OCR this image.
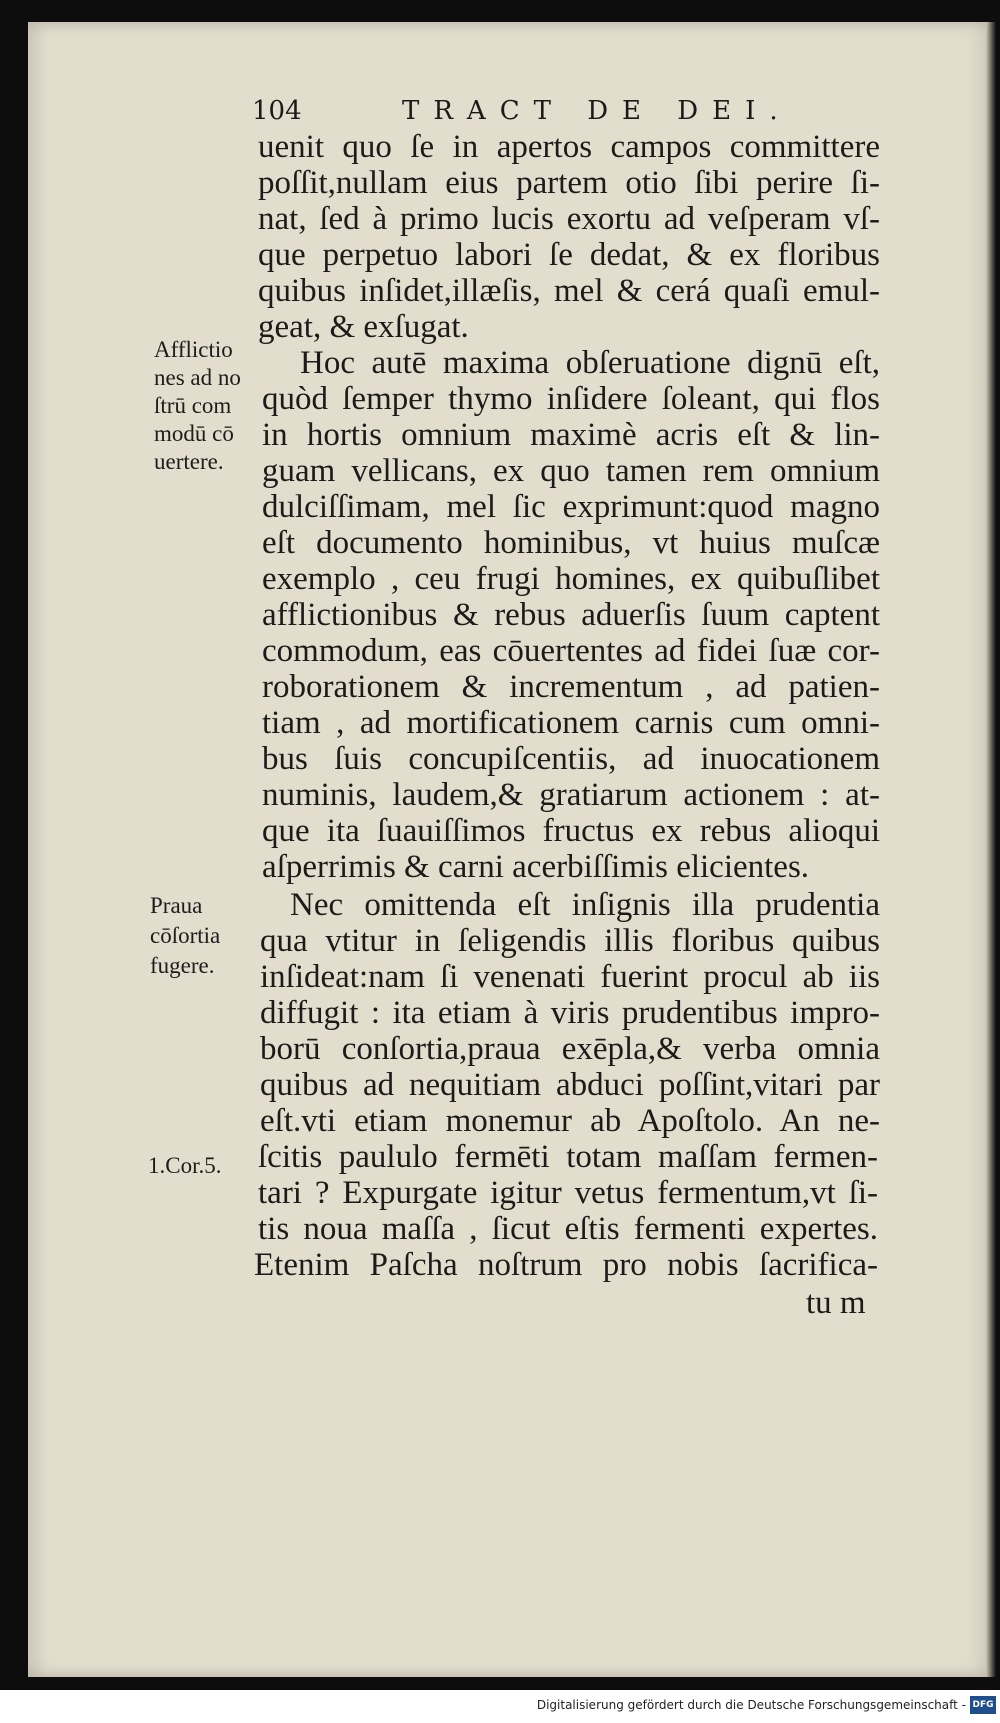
104	TRACT DE DEI.
uenit quo ſe in apertos campos committere
poſſit,nullam eius partem otio ſibi perire ſi-
nat, ſed à primo lucis exortu ad veſperam vſ-
que perpetuo labori ſe dedat, & ex floribus
quibus inſidet,illæſis, mel & cerá quaſi emul-
geat, & exſugat.
Hoc autē maxima obſeruatione dignū eſt,
quòd ſemper thymo inſidere ſoleant, qui flos
in hortis omnium maximè acris eſt & lin-
guam vellicans, ex quo tamen rem omnium
dulciſſimam, mel ſic exprimunt:quod magno
eſt documento hominibus, vt huius muſcæ
exemplo , ceu frugi homines, ex quibuſlibet
afflictionibus & rebus aduerſis ſuum captent
commodum, eas cōuertentes ad fidei ſuæ cor-
roborationem & incrementum , ad patien-
tiam , ad mortificationem carnis cum omni-
bus ſuis concupiſcentiis, ad inuocationem
numinis, laudem,& gratiarum actionem : at-
que ita ſuauiſſimos fructus ex rebus alioqui
aſperrimis & carni acerbiſſimis elicientes.
Nec omittenda eſt inſignis illa prudentia
qua vtitur in ſeligendis illis floribus quibus
inſideat:nam ſi venenati fuerint procul ab iis
diffugit : ita etiam à viris prudentibus impro-
borū conſortia,praua exēpla,& verba omnia
quibus ad nequitiam abduci poſſint,vitari par
eſt.vti etiam monemur ab Apoſtolo. An ne-
ſcitis paululo fermēti totam maſſam fermen-
tari ? Expurgate igitur vetus fermentum,vt ſi-
tis noua maſſa , ſicut eſtis fermenti expertes.
Etenim Paſcha noſtrum pro nobis ſacrifica-
tu m
Afflictio
nes ad no
ſtrū com
modū cō
uertere.
Praua
cōſortia
fugere.
1.Cor.5.
Digitalisierung gefördert durch die Deutsche Forschungsgemeinschaft - DFG
